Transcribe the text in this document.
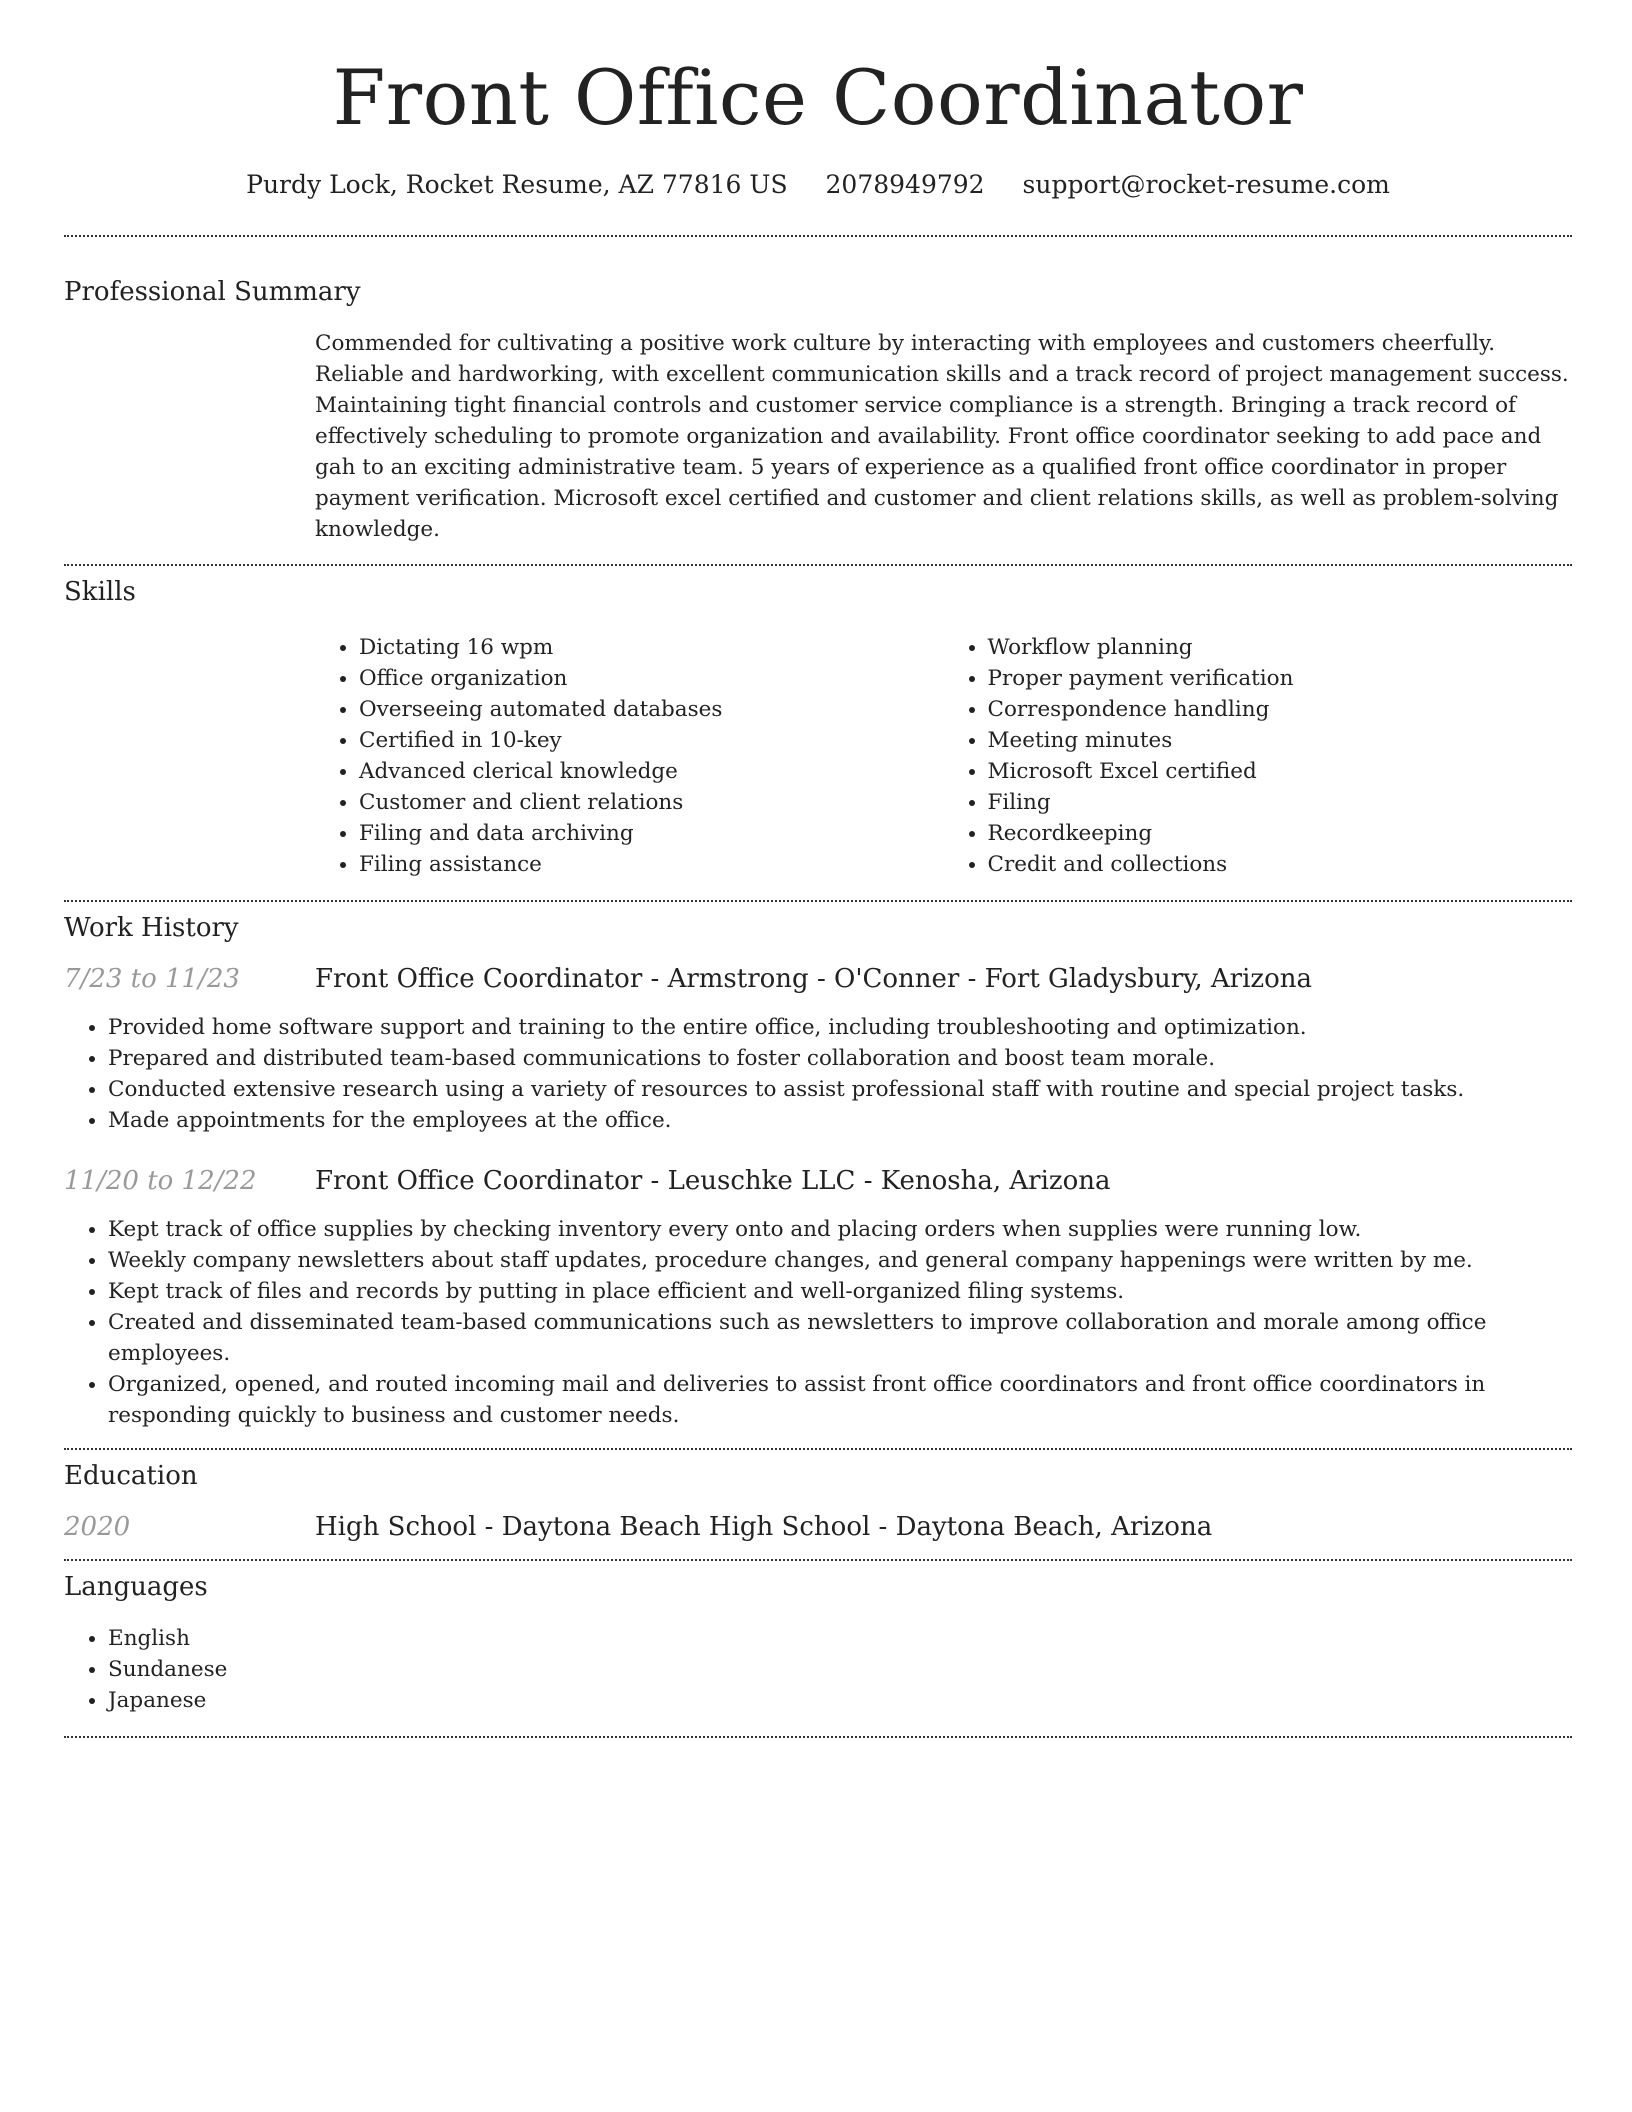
Front Office Coordinator
Purdy Lock, Rocket Resume, AZ 77816 US 2078949792 support@rocket-resume.com
Professional Summary
Commended for cultivating a positive work culture by interacting with employees and customers cheerfully. Reliable and hardworking, with excellent communication skills and a track record of project management success. Maintaining tight financial controls and customer service compliance is a strength. Bringing a track record of effectively scheduling to promote organization and availability. Front office coordinator seeking to add pace and gah to an exciting administrative team. 5 years of experience as a qualified front office coordinator in proper payment verification. Microsoft excel certified and customer and client relations skills, as well as problem-solving knowledge.
Skills
• Dictating 16 wpm
• Office organization
• Overseeing automated databases
• Certified in 10-key
• Advanced clerical knowledge
• Customer and client relations
• Filing and data archiving
• Filing assistance
• Workflow planning
• Proper payment verification
• Correspondence handling
• Meeting minutes
• Microsoft Excel certified
• Filing
• Recordkeeping
• Credit and collections
Work History
7/23 to 11/23	Front Office Coordinator - Armstrong - O'Conner - Fort Gladysbury, Arizona
• Provided home software support and training to the entire office, including troubleshooting and optimization.
• Prepared and distributed team-based communications to foster collaboration and boost team morale.
• Conducted extensive research using a variety of resources to assist professional staff with routine and special project tasks.
• Made appointments for the employees at the office.
11/20 to 12/22	Front Office Coordinator - Leuschke LLC - Kenosha, Arizona
• Kept track of office supplies by checking inventory every onto and placing orders when supplies were running low.
• Weekly company newsletters about staff updates, procedure changes, and general company happenings were written by me.
• Kept track of files and records by putting in place efficient and well-organized filing systems.
• Created and disseminated team-based communications such as newsletters to improve collaboration and morale among office employees.
• Organized, opened, and routed incoming mail and deliveries to assist front office coordinators and front office coordinators in responding quickly to business and customer needs.
Education
2020	High School - Daytona Beach High School - Daytona Beach, Arizona
Languages
• English
• Sundanese
• Japanese
